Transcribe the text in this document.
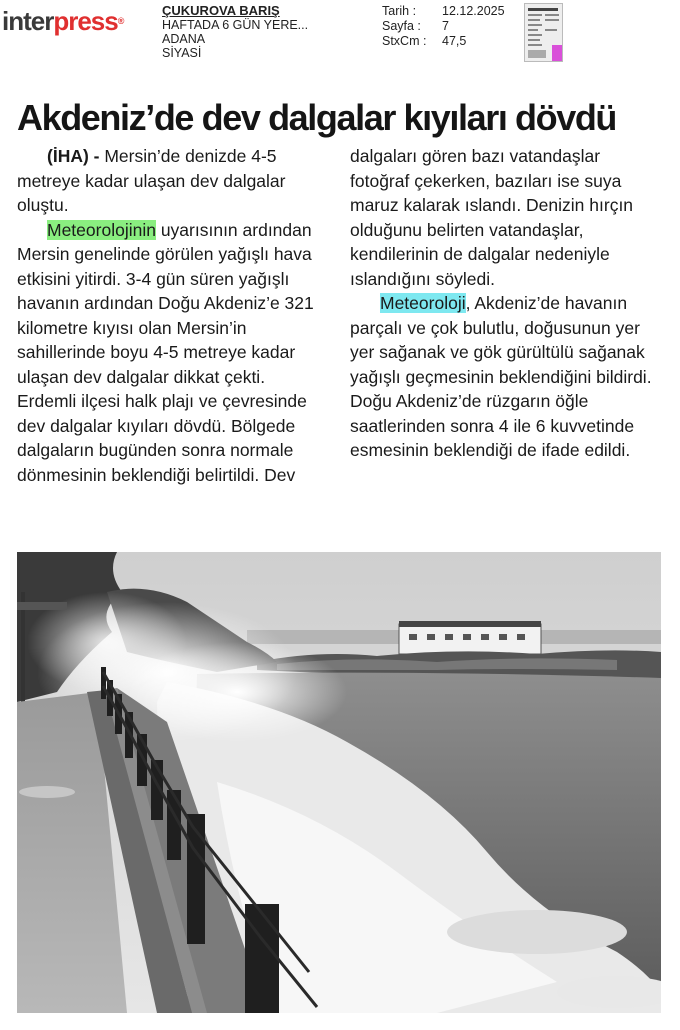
interpress®
ÇUKUROVA BARIŞ
HAFTADA 6 GÜN YERE...
ADANA
SİYASİ
Tarih :	12.12.2025
Sayfa :	7
StxCm :	47,5
Akdeniz’de dev dalgalar kıyıları dövdü

(İHA) - Mersin’de denizde 4-5 metreye kadar ulaşan dev dalgalar oluştu.

Meteorolojinin uyarısının ardından Mersin genelinde görülen yağışlı hava etkisini yitirdi. 3-4 gün süren yağışlı havanın ardından Doğu Akdeniz’e 321 kilometre kıyısı olan Mersin’in sahillerinde boyu 4-5 metreye kadar ulaşan dev dalgalar dikkat çekti. Erdemli ilçesi halk plajı ve çevresinde dev dalgalar kıyıları dövdü. Bölgede dalgaların bugünden sonra normale dönmesinin beklendiği belirtildi. Dev

dalgaları gören bazı vatandaşlar fotoğraf çekerken, bazıları ise suya maruz kalarak ıslandı. Denizin hırçın olduğunu belirten vatandaşlar, kendilerinin de dalgalar nedeniyle ıslandığını söyledi.

Meteoroloji, Akdeniz’de havanın parçalı ve çok bulutlu, doğusunun yer yer sağanak ve gök gürültülü sağanak yağışlı geçmesinin beklendiğini bildirdi. Doğu Akdeniz’de rüzgarın öğle saatlerinden sonra 4 ile 6 kuvvetinde esmesinin beklendiği de ifade edildi.
